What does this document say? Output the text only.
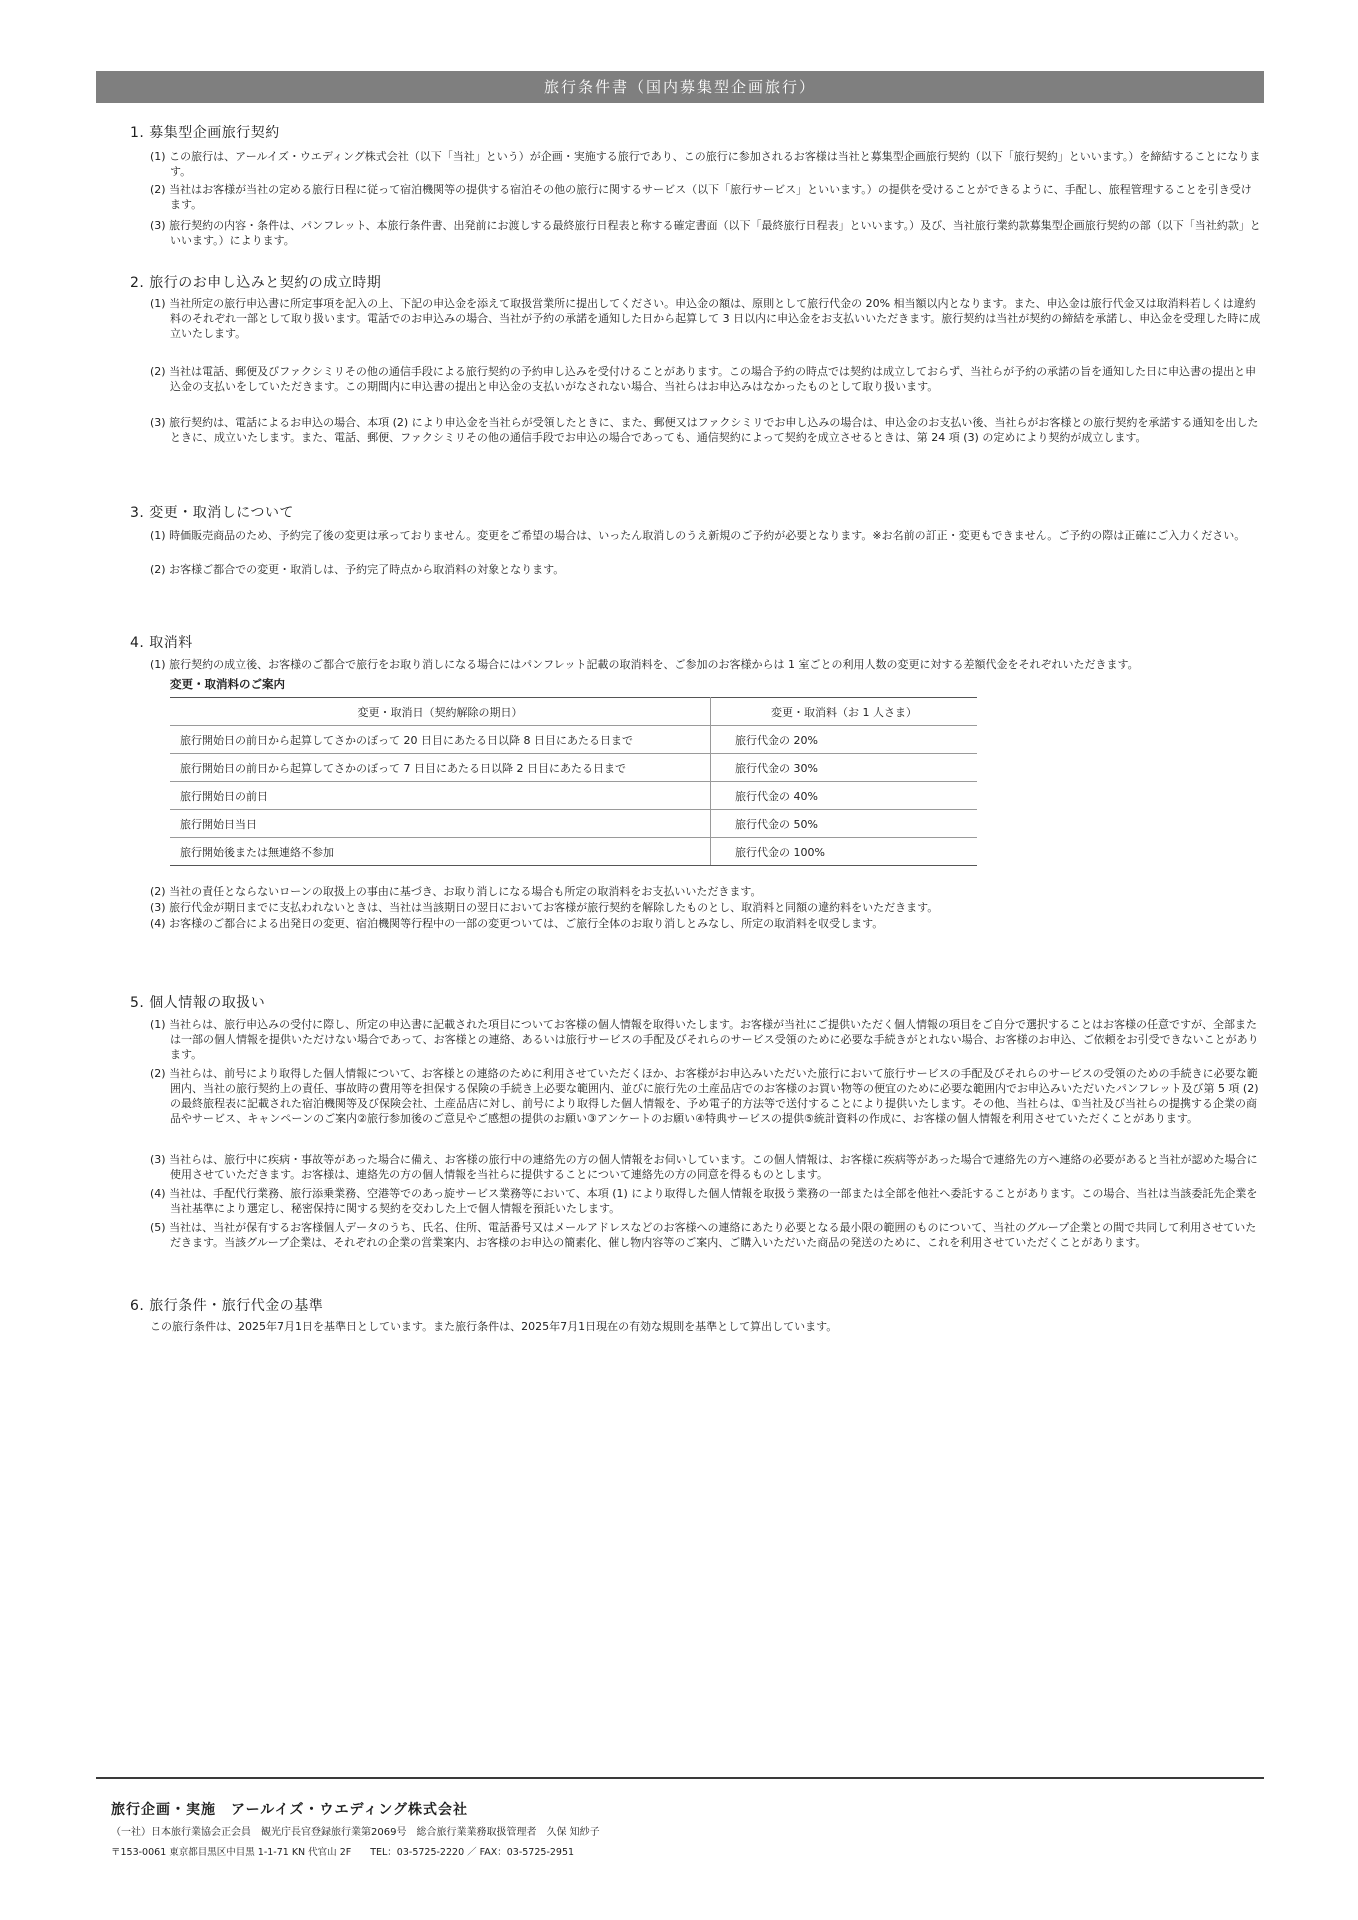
旅行条件書（国内募集型企画旅行）
1. 募集型企画旅行契約
(1) この旅行は、アールイズ・ウエディング株式会社（以下「当社」という）が企画・実施する旅行であり、この旅行に参加されるお客様は当社と募集型企画旅行契約（以下「旅行契約」といいます。）を締結することになります。
(2) 当社はお客様が当社の定める旅行日程に従って宿泊機関等の提供する宿泊その他の旅行に関するサービス（以下「旅行サービス」といいます。）の提供を受けることができるように、手配し、旅程管理することを引き受けます。
(3) 旅行契約の内容・条件は、パンフレット、本旅行条件書、出発前にお渡しする最終旅行日程表と称する確定書面（以下「最終旅行日程表」といいます。）及び、当社旅行業約款募集型企画旅行契約の部（以下「当社約款」といいます。）によります。
2. 旅行のお申し込みと契約の成立時期
(1) 当社所定の旅行申込書に所定事項を記入の上、下記の申込金を添えて取扱営業所に提出してください。申込金の額は、原則として旅行代金の 20% 相当額以内となります。また、申込金は旅行代金又は取消料若しくは違約料のそれぞれ一部として取り扱います。電話でのお申込みの場合、当社が予約の承諾を通知した日から起算して 3 日以内に申込金をお支払いいただきます。旅行契約は当社が契約の締結を承諾し、申込金を受理した時に成立いたします。
(2) 当社は電話、郵便及びファクシミリその他の通信手段による旅行契約の予約申し込みを受付けることがあります。この場合予約の時点では契約は成立しておらず、当社らが予約の承諾の旨を通知した日に申込書の提出と申込金の支払いをしていただきます。この期間内に申込書の提出と申込金の支払いがなされない場合、当社らはお申込みはなかったものとして取り扱います。
(3) 旅行契約は、電話によるお申込の場合、本項 (2) により申込金を当社らが受領したときに、また、郵便又はファクシミリでお申し込みの場合は、申込金のお支払い後、当社らがお客様との旅行契約を承諾する通知を出したときに、成立いたします。また、電話、郵便、ファクシミリその他の通信手段でお申込の場合であっても、通信契約によって契約を成立させるときは、第 24 項 (3) の定めにより契約が成立します。
3. 変更・取消しについて
(1) 時価販売商品のため、予約完了後の変更は承っておりません。変更をご希望の場合は、いったん取消しのうえ新規のご予約が必要となります。※お名前の訂正・変更もできません。ご予約の際は正確にご入力ください。
(2) お客様ご都合での変更・取消しは、予約完了時点から取消料の対象となります。
4. 取消料
(1) 旅行契約の成立後、お客様のご都合で旅行をお取り消しになる場合にはパンフレット記載の取消料を、ご参加のお客様からは 1 室ごとの利用人数の変更に対する差額代金をそれぞれいただきます。
変更・取消料のご案内
変更・取消日（契約解除の期日）	変更・取消料（お 1 人さま）
旅行開始日の前日から起算してさかのぼって 20 日目にあたる日以降 8 日目にあたる日まで	旅行代金の 20%
旅行開始日の前日から起算してさかのぼって 7 日目にあたる日以降 2 日目にあたる日まで	旅行代金の 30%
旅行開始日の前日	旅行代金の 40%
旅行開始日当日	旅行代金の 50%
旅行開始後または無連絡不参加	旅行代金の 100%
(2) 当社の責任とならないローンの取扱上の事由に基づき、お取り消しになる場合も所定の取消料をお支払いいただきます。
(3) 旅行代金が期日までに支払われないときは、当社は当該期日の翌日においてお客様が旅行契約を解除したものとし、取消料と同額の違約料をいただきます。
(4) お客様のご都合による出発日の変更、宿泊機関等行程中の一部の変更ついては、ご旅行全体のお取り消しとみなし、所定の取消料を収受します。
5. 個人情報の取扱い
(1) 当社らは、旅行申込みの受付に際し、所定の申込書に記載された項目についてお客様の個人情報を取得いたします。お客様が当社にご提供いただく個人情報の項目をご自分で選択することはお客様の任意ですが、全部または一部の個人情報を提供いただけない場合であって、お客様との連絡、あるいは旅行サービスの手配及びそれらのサービス受領のために必要な手続きがとれない場合、お客様のお申込、ご依頼をお引受できないことがあります。
(2) 当社らは、前号により取得した個人情報について、お客様との連絡のために利用させていただくほか、お客様がお申込みいただいた旅行において旅行サービスの手配及びそれらのサービスの受領のための手続きに必要な範囲内、当社の旅行契約上の責任、事故時の費用等を担保する保険の手続き上必要な範囲内、並びに旅行先の土産品店でのお客様のお買い物等の便宜のために必要な範囲内でお申込みいただいたパンフレット及び第 5 項 (2) の最終旅程表に記載された宿泊機関等及び保険会社、土産品店に対し、前号により取得した個人情報を、予め電子的方法等で送付することにより提供いたします。その他、当社らは、①当社及び当社らの提携する企業の商品やサービス、キャンペーンのご案内②旅行参加後のご意見やご感想の提供のお願い③アンケートのお願い④特典サービスの提供⑤統計資料の作成に、お客様の個人情報を利用させていただくことがあります。
(3) 当社らは、旅行中に疾病・事故等があった場合に備え、お客様の旅行中の連絡先の方の個人情報をお伺いしています。この個人情報は、お客様に疾病等があった場合で連絡先の方へ連絡の必要があると当社が認めた場合に使用させていただきます。お客様は、連絡先の方の個人情報を当社らに提供することについて連絡先の方の同意を得るものとします。
(4) 当社は、手配代行業務、旅行添乗業務、空港等でのあっ旋サービス業務等において、本項 (1) により取得した個人情報を取扱う業務の一部または全部を他社へ委託することがあります。この場合、当社は当該委託先企業を当社基準により選定し、秘密保持に関する契約を交わした上で個人情報を預託いたします。
(5) 当社は、当社が保有するお客様個人データのうち、氏名、住所、電話番号又はメールアドレスなどのお客様への連絡にあたり必要となる最小限の範囲のものについて、当社のグループ企業との間で共同して利用させていただきます。当該グループ企業は、それぞれの企業の営業案内、お客様のお申込の簡素化、催し物内容等のご案内、ご購入いただいた商品の発送のために、これを利用させていただくことがあります。
6. 旅行条件・旅行代金の基準
この旅行条件は、2025年7月1日を基準日としています。また旅行条件は、2025年7月1日現在の有効な規則を基準として算出しています。
旅行企画・実施　アールイズ・ウエディング株式会社
（一社）日本旅行業協会正会員　観光庁長官登録旅行業第2069号　総合旅行業業務取扱管理者　久保 知紗子
〒153-0061 東京都目黒区中目黒 1-1-71 KN 代官山 2F　　TEL：03-5725-2220 ／ FAX：03-5725-2951
